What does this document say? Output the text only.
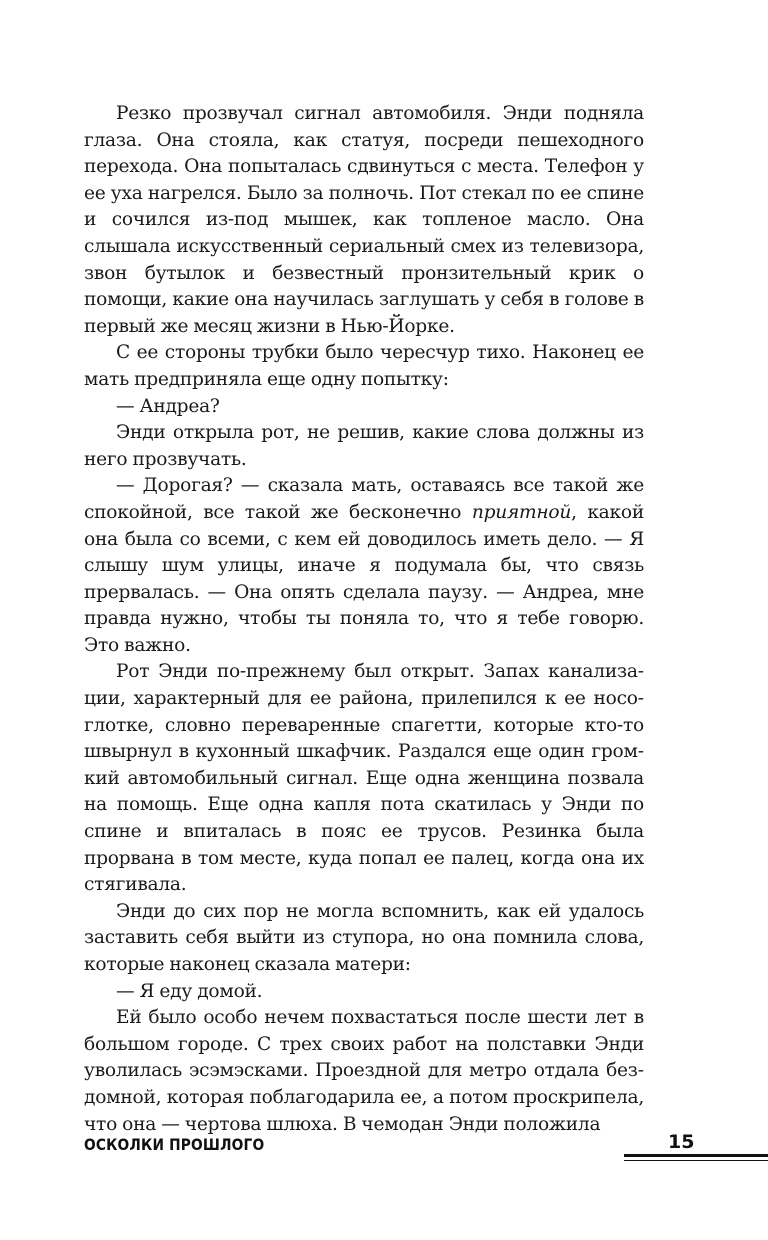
Резко прозвучал сигнал автомобиля. Энди подняла глаза. Она стояла, как статуя, посреди пешеходного перехода. Она попыталась сдвинуться с места. Телефон у ее уха нагрелся. Было за полночь. Пот стекал по ее спине и сочился из-под мышек, как топленое масло. Она слышала искусственный сериальный смех из телевизора, звон бутылок и безвестный пронзительный крик о помощи, какие она научилась заглушать у себя в голове в первый же месяц жизни в Нью-Йорке.

С ее стороны трубки было чересчур тихо. Наконец ее мать предприняла еще одну попытку:

— Андреа?

Энди открыла рот, не решив, какие слова должны из него прозвучать.

— Дорогая? — сказала мать, оставаясь все такой же спокойной, все такой же бесконечно приятной, какой она была со всеми, с кем ей доводилось иметь дело. — Я слышу шум улицы, иначе я подумала бы, что связь прервалась. — Она опять сделала паузу. — Андреа, мне правда нужно, чтобы ты поняла то, что я тебе говорю. Это важно.

Рот Энди по-прежнему был открыт. Запах канализации, характерный для ее района, прилепился к ее носоглотке, словно переваренные спагетти, которые кто-то швырнул в кухонный шкафчик. Раздался еще один громкий автомобильный сигнал. Еще одна женщина позвала на помощь. Еще одна капля пота скатилась у Энди по спине и впиталась в пояс ее трусов. Резинка была прорвана в том месте, куда попал ее палец, когда она их стягивала.

Энди до сих пор не могла вспомнить, как ей удалось заставить себя выйти из ступора, но она помнила слова, которые наконец сказала матери:

— Я еду домой.

Ей было особо нечем похвастаться после шести лет в большом городе. С трех своих работ на полставки Энди уволилась эсэмэсками. Проездной для метро отдала бездомной, которая поблагодарила ее, а потом проскрипела, что она — чертова шлюха. В чемодан Энди положила

ОСКОЛКИ ПРОШЛОГО	15
